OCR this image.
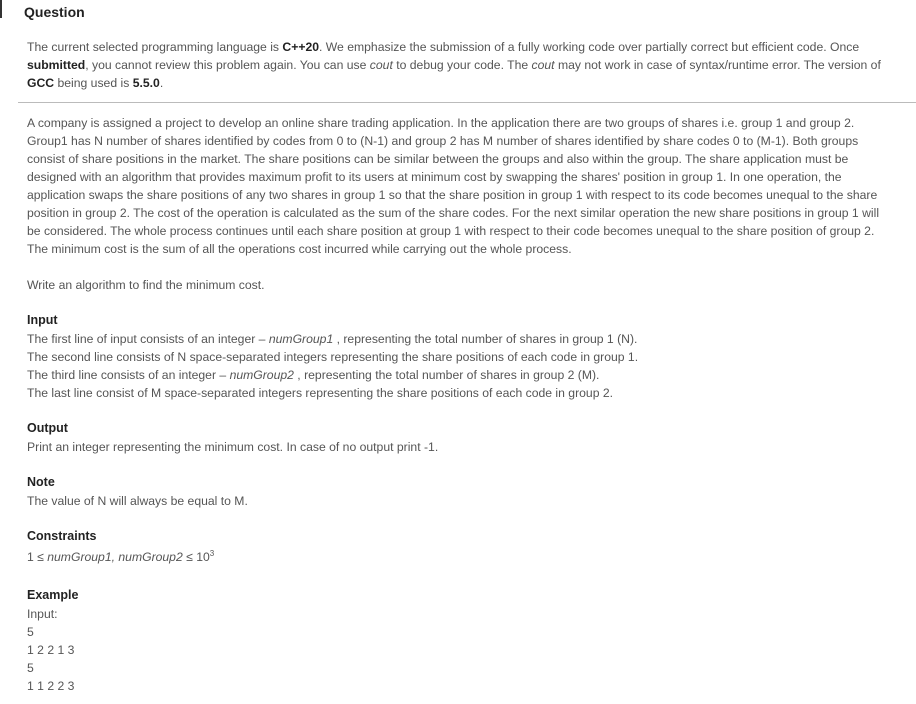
Question
The current selected programming language is C++20. We emphasize the submission of a fully working code over partially correct but efficient code. Once submitted, you cannot review this problem again. You can use cout to debug your code. The cout may not work in case of syntax/runtime error. The version of GCC being used is 5.5.0.
A company is assigned a project to develop an online share trading application. In the application there are two groups of shares i.e. group 1 and group 2. Group1 has N number of shares identified by codes from 0 to (N-1) and group 2 has M number of shares identified by share codes 0 to (M-1). Both groups consist of share positions in the market. The share positions can be similar between the groups and also within the group. The share application must be designed with an algorithm that provides maximum profit to its users at minimum cost by swapping the shares' position in group 1. In one operation, the application swaps the share positions of any two shares in group 1 so that the share position in group 1 with respect to its code becomes unequal to the share position in group 2. The cost of the operation is calculated as the sum of the share codes. For the next similar operation the new share positions in group 1 will be considered. The whole process continues until each share position at group 1 with respect to their code becomes unequal to the share position of group 2. The minimum cost is the sum of all the operations cost incurred while carrying out the whole process.
Write an algorithm to find the minimum cost.
Input
The first line of input consists of an integer – numGroup1 , representing the total number of shares in group 1 (N).
The second line consists of N space-separated integers representing the share positions of each code in group 1.
The third line consists of an integer – numGroup2 , representing the total number of shares in group 2 (M).
The last line consist of M space-separated integers representing the share positions of each code in group 2.
Output
Print an integer representing the minimum cost. In case of no output print -1.
Note
The value of N will always be equal to M.
Constraints
1 ≤ numGroup1, numGroup2 ≤ $10^3$
Example
Input:
5
1 2 2 1 3
5
1 1 2 2 3
